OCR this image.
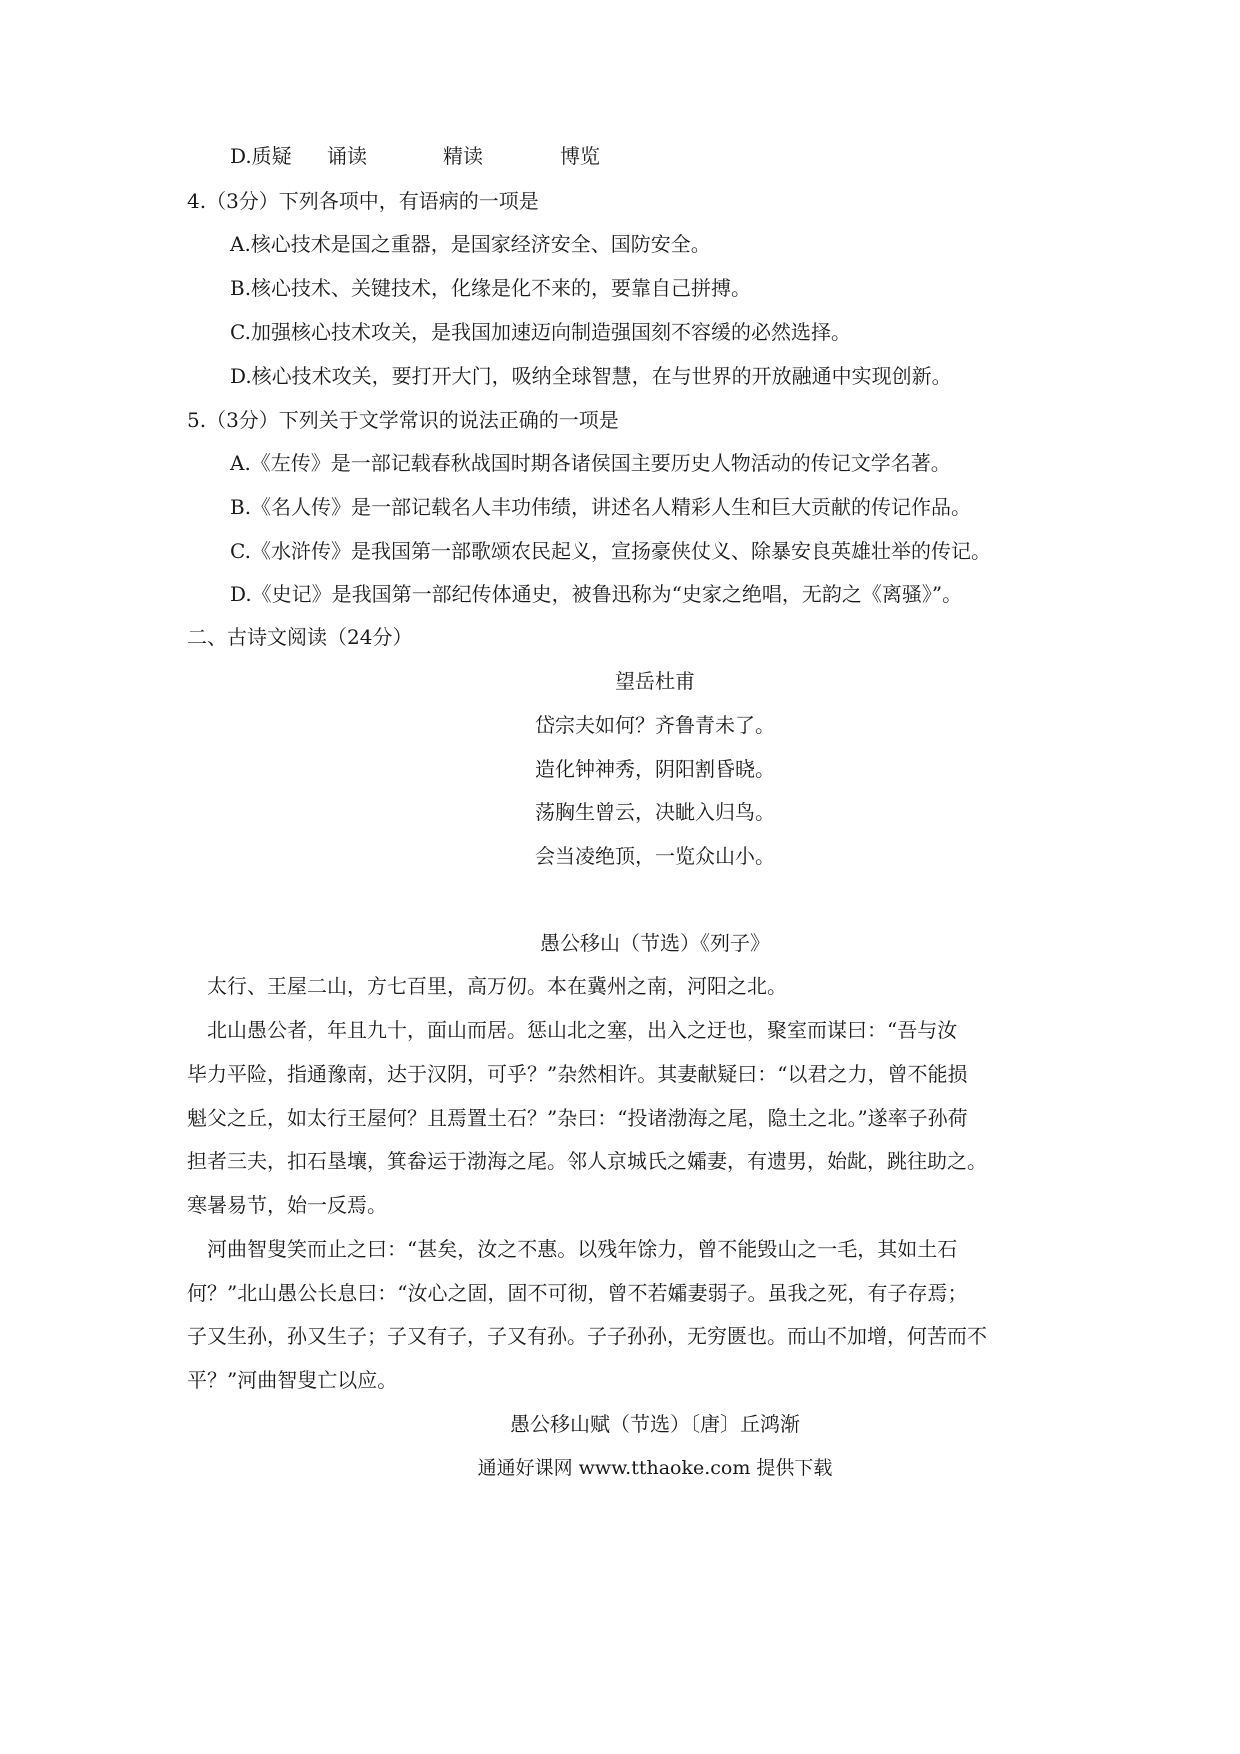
D.质疑 诵读	精读	博览
4.（3分）下列各项中，有语病的一项是
A.核心技术是国之重器，是国家经济安全、国防安全。
B.核心技术、关键技术，化缘是化不来的，要靠自己拼搏。
C.加强核心技术攻关，是我国加速迈向制造强国刻不容缓的必然选择。
D.核心技术攻关，要打开大门，吸纳全球智慧，在与世界的开放融通中实现创新。
5.（3分）下列关于文学常识的说法正确的一项是
A.《左传》是一部记载春秋战国时期各诸侯国主要历史人物活动的传记文学名著。
B.《名人传》是一部记载名人丰功伟绩，讲述名人精彩人生和巨大贡献的传记作品。
C.《水浒传》是我国第一部歌颂农民起义，宣扬豪侠仗义、除暴安良英雄壮举的传记。
D.《史记》是我国第一部纪传体通史，被鲁迅称为“史家之绝唱，无韵之《离骚》”。
二、古诗文阅读（24分）
望岳杜甫
岱宗夫如何？齐鲁青未了。
造化钟神秀，阴阳割昏晓。
荡胸生曾云，决眦入归鸟。
会当凌绝顶，一览众山小。
愚公移山（节选）《列子》
太行、王屋二山，方七百里，高万仞。本在冀州之南，河阳之北。
北山愚公者，年且九十，面山而居。惩山北之塞，出入之迂也，聚室而谋曰：“吾与汝
毕力平险，指通豫南，达于汉阴，可乎？”杂然相许。其妻献疑曰：“以君之力，曾不能损
魁父之丘，如太行王屋何？且焉置土石？”杂曰：“投诸渤海之尾，隐土之北。”遂率子孙荷
担者三夫，扣石垦壤，箕畚运于渤海之尾。邻人京城氏之孀妻，有遗男，始龀，跳往助之。
寒暑易节，始一反焉。
河曲智叟笑而止之曰：“甚矣，汝之不惠。以残年馀力，曾不能毁山之一毛，其如土石
何？”北山愚公长息曰：“汝心之固，固不可彻，曾不若孀妻弱子。虽我之死，有子存焉；
子又生孙，孙又生子；子又有子，子又有孙。子子孙孙，无穷匮也。而山不加增，何苦而不
平？”河曲智叟亡以应。
愚公移山赋（节选）〔唐〕丘鸿渐
通通好课网 www.tthaoke.com 提供下载
